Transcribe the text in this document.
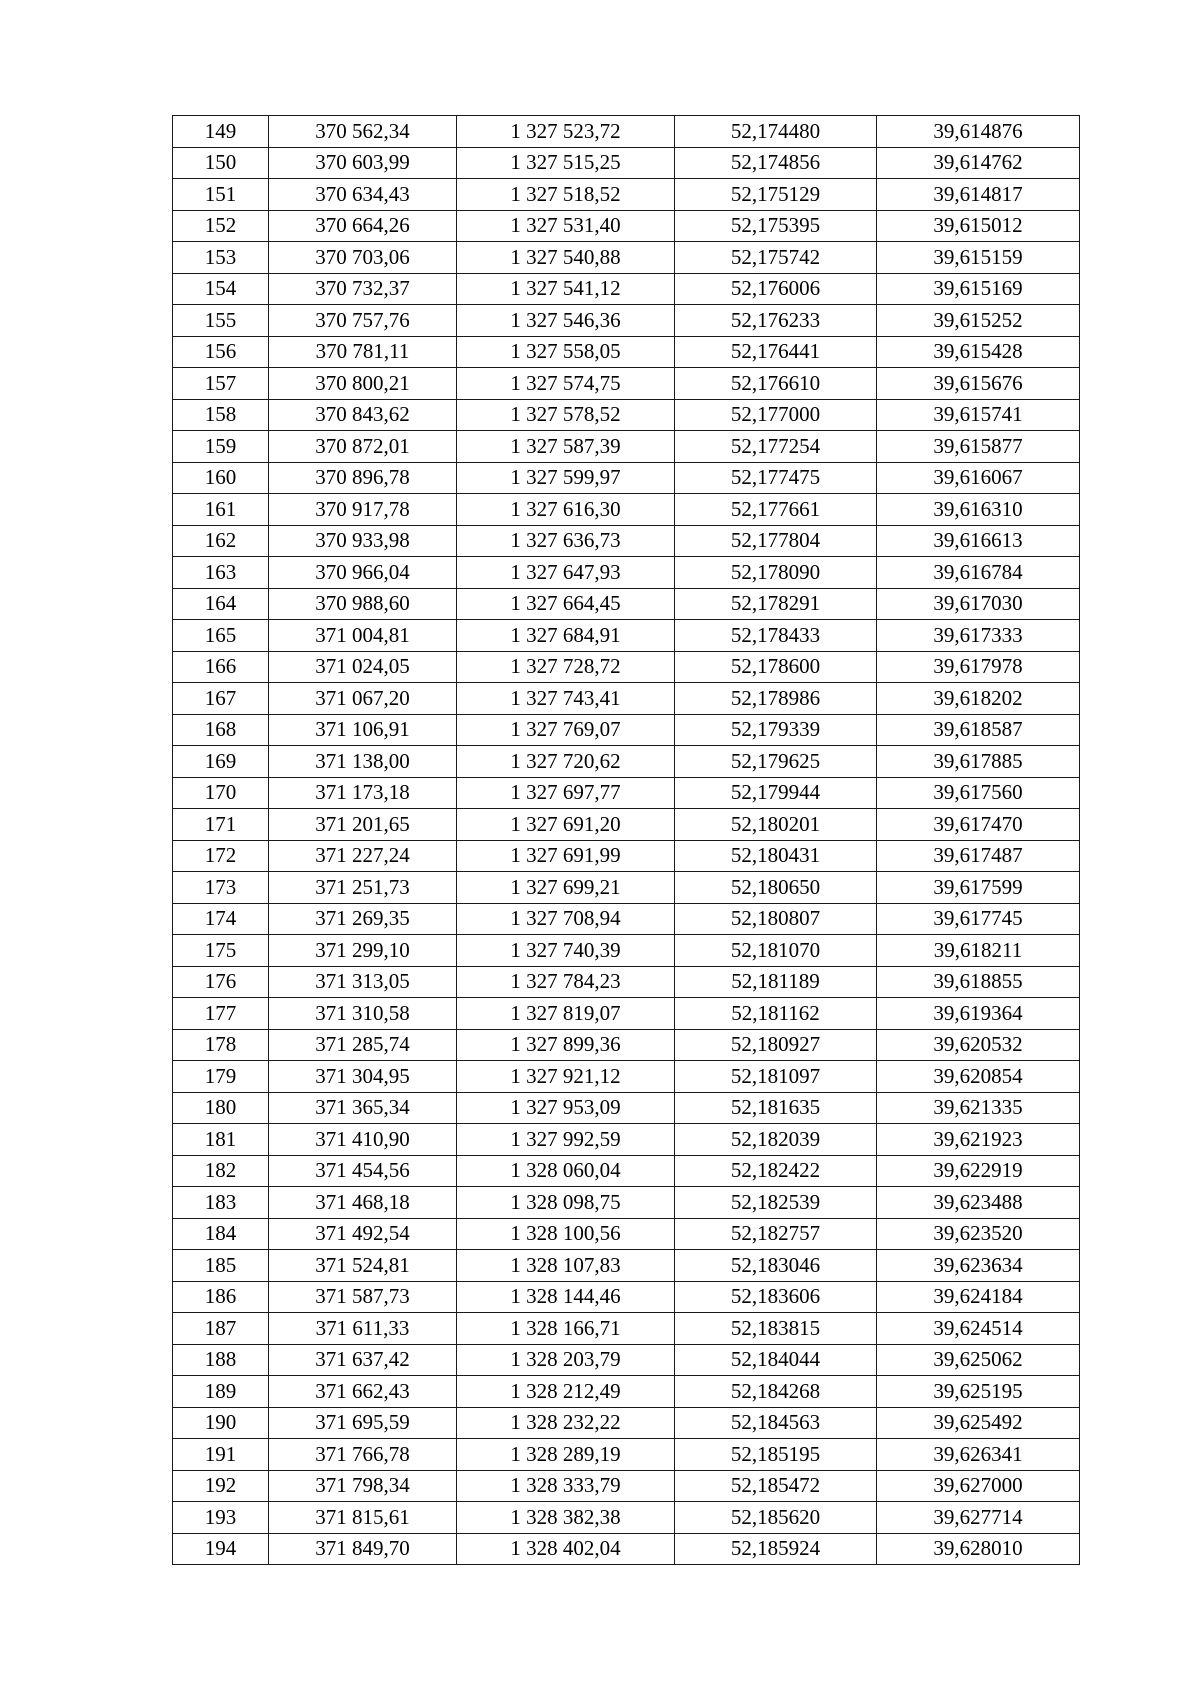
149	370 562,34	1 327 523,72	52,174480	39,614876
150	370 603,99	1 327 515,25	52,174856	39,614762
151	370 634,43	1 327 518,52	52,175129	39,614817
152	370 664,26	1 327 531,40	52,175395	39,615012
153	370 703,06	1 327 540,88	52,175742	39,615159
154	370 732,37	1 327 541,12	52,176006	39,615169
155	370 757,76	1 327 546,36	52,176233	39,615252
156	370 781,11	1 327 558,05	52,176441	39,615428
157	370 800,21	1 327 574,75	52,176610	39,615676
158	370 843,62	1 327 578,52	52,177000	39,615741
159	370 872,01	1 327 587,39	52,177254	39,615877
160	370 896,78	1 327 599,97	52,177475	39,616067
161	370 917,78	1 327 616,30	52,177661	39,616310
162	370 933,98	1 327 636,73	52,177804	39,616613
163	370 966,04	1 327 647,93	52,178090	39,616784
164	370 988,60	1 327 664,45	52,178291	39,617030
165	371 004,81	1 327 684,91	52,178433	39,617333
166	371 024,05	1 327 728,72	52,178600	39,617978
167	371 067,20	1 327 743,41	52,178986	39,618202
168	371 106,91	1 327 769,07	52,179339	39,618587
169	371 138,00	1 327 720,62	52,179625	39,617885
170	371 173,18	1 327 697,77	52,179944	39,617560
171	371 201,65	1 327 691,20	52,180201	39,617470
172	371 227,24	1 327 691,99	52,180431	39,617487
173	371 251,73	1 327 699,21	52,180650	39,617599
174	371 269,35	1 327 708,94	52,180807	39,617745
175	371 299,10	1 327 740,39	52,181070	39,618211
176	371 313,05	1 327 784,23	52,181189	39,618855
177	371 310,58	1 327 819,07	52,181162	39,619364
178	371 285,74	1 327 899,36	52,180927	39,620532
179	371 304,95	1 327 921,12	52,181097	39,620854
180	371 365,34	1 327 953,09	52,181635	39,621335
181	371 410,90	1 327 992,59	52,182039	39,621923
182	371 454,56	1 328 060,04	52,182422	39,622919
183	371 468,18	1 328 098,75	52,182539	39,623488
184	371 492,54	1 328 100,56	52,182757	39,623520
185	371 524,81	1 328 107,83	52,183046	39,623634
186	371 587,73	1 328 144,46	52,183606	39,624184
187	371 611,33	1 328 166,71	52,183815	39,624514
188	371 637,42	1 328 203,79	52,184044	39,625062
189	371 662,43	1 328 212,49	52,184268	39,625195
190	371 695,59	1 328 232,22	52,184563	39,625492
191	371 766,78	1 328 289,19	52,185195	39,626341
192	371 798,34	1 328 333,79	52,185472	39,627000
193	371 815,61	1 328 382,38	52,185620	39,627714
194	371 849,70	1 328 402,04	52,185924	39,628010
